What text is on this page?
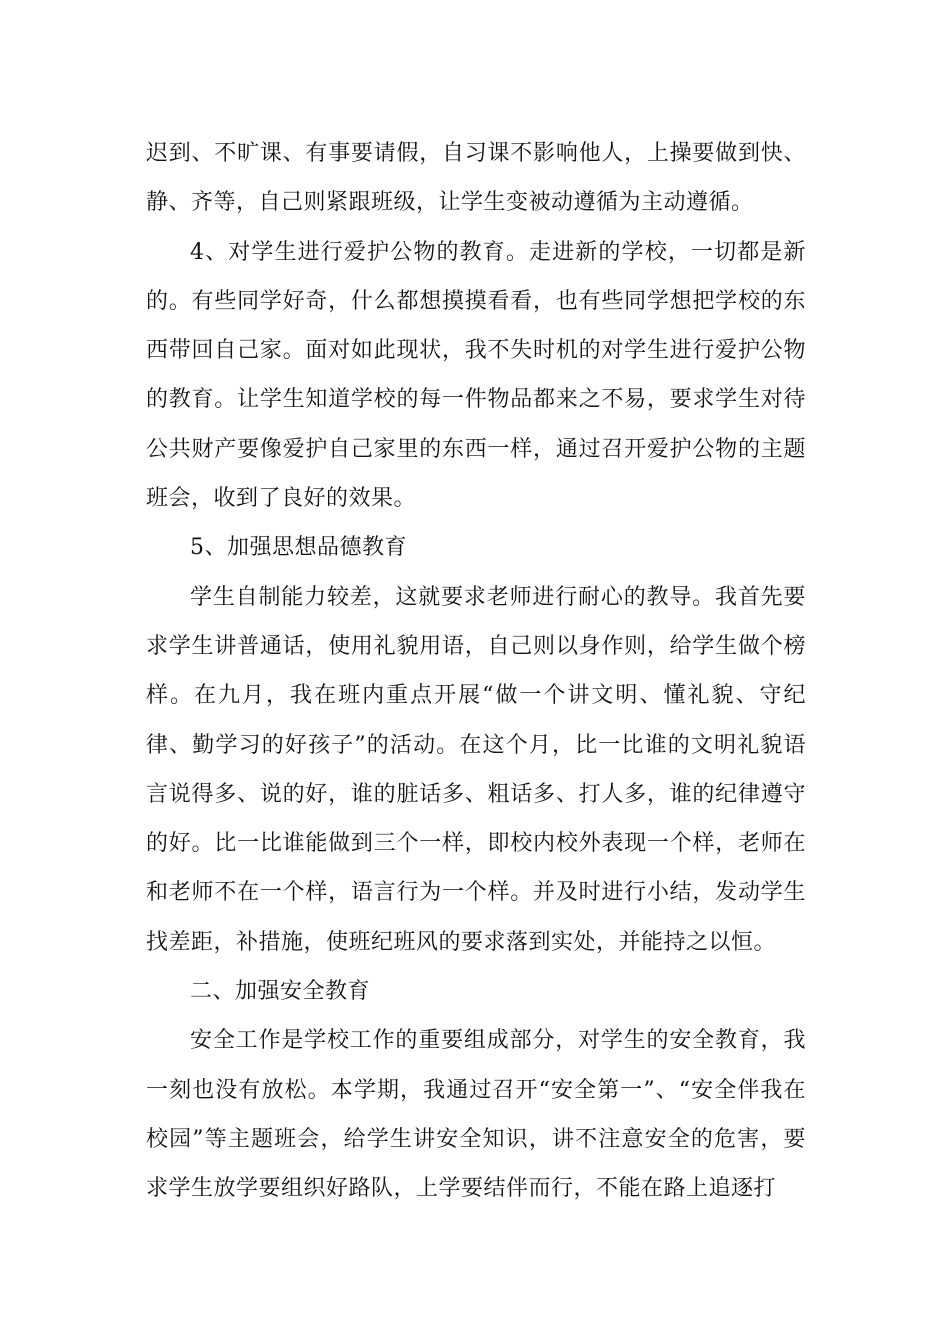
迟到、不旷课、有事要请假，自习课不影响他人，上操要做到快、静、齐等，自己则紧跟班级，让学生变被动遵循为主动遵循。

4、对学生进行爱护公物的教育。走进新的学校，一切都是新的。有些同学好奇，什么都想摸摸看看，也有些同学想把学校的东西带回自己家。面对如此现状，我不失时机的对学生进行爱护公物的教育。让学生知道学校的每一件物品都来之不易，要求学生对待公共财产要像爱护自己家里的东西一样，通过召开爱护公物的主题班会，收到了良好的效果。

5、加强思想品德教育

学生自制能力较差，这就要求老师进行耐心的教导。我首先要求学生讲普通话，使用礼貌用语，自己则以身作则，给学生做个榜样。在九月，我在班内重点开展“做一个讲文明、懂礼貌、守纪律、勤学习的好孩子”的活动。在这个月，比一比谁的文明礼貌语言说得多、说的好，谁的脏话多、粗话多、打人多，谁的纪律遵守的好。比一比谁能做到三个一样，即校内校外表现一个样，老师在和老师不在一个样，语言行为一个样。并及时进行小结，发动学生找差距，补措施，使班纪班风的要求落到实处，并能持之以恒。

二、加强安全教育

安全工作是学校工作的重要组成部分，对学生的安全教育，我一刻也没有放松。本学期，我通过召开“安全第一”、“安全伴我在校园”等主题班会，给学生讲安全知识，讲不注意安全的危害，要求学生放学要组织好路队，上学要结伴而行，不能在路上追逐打
